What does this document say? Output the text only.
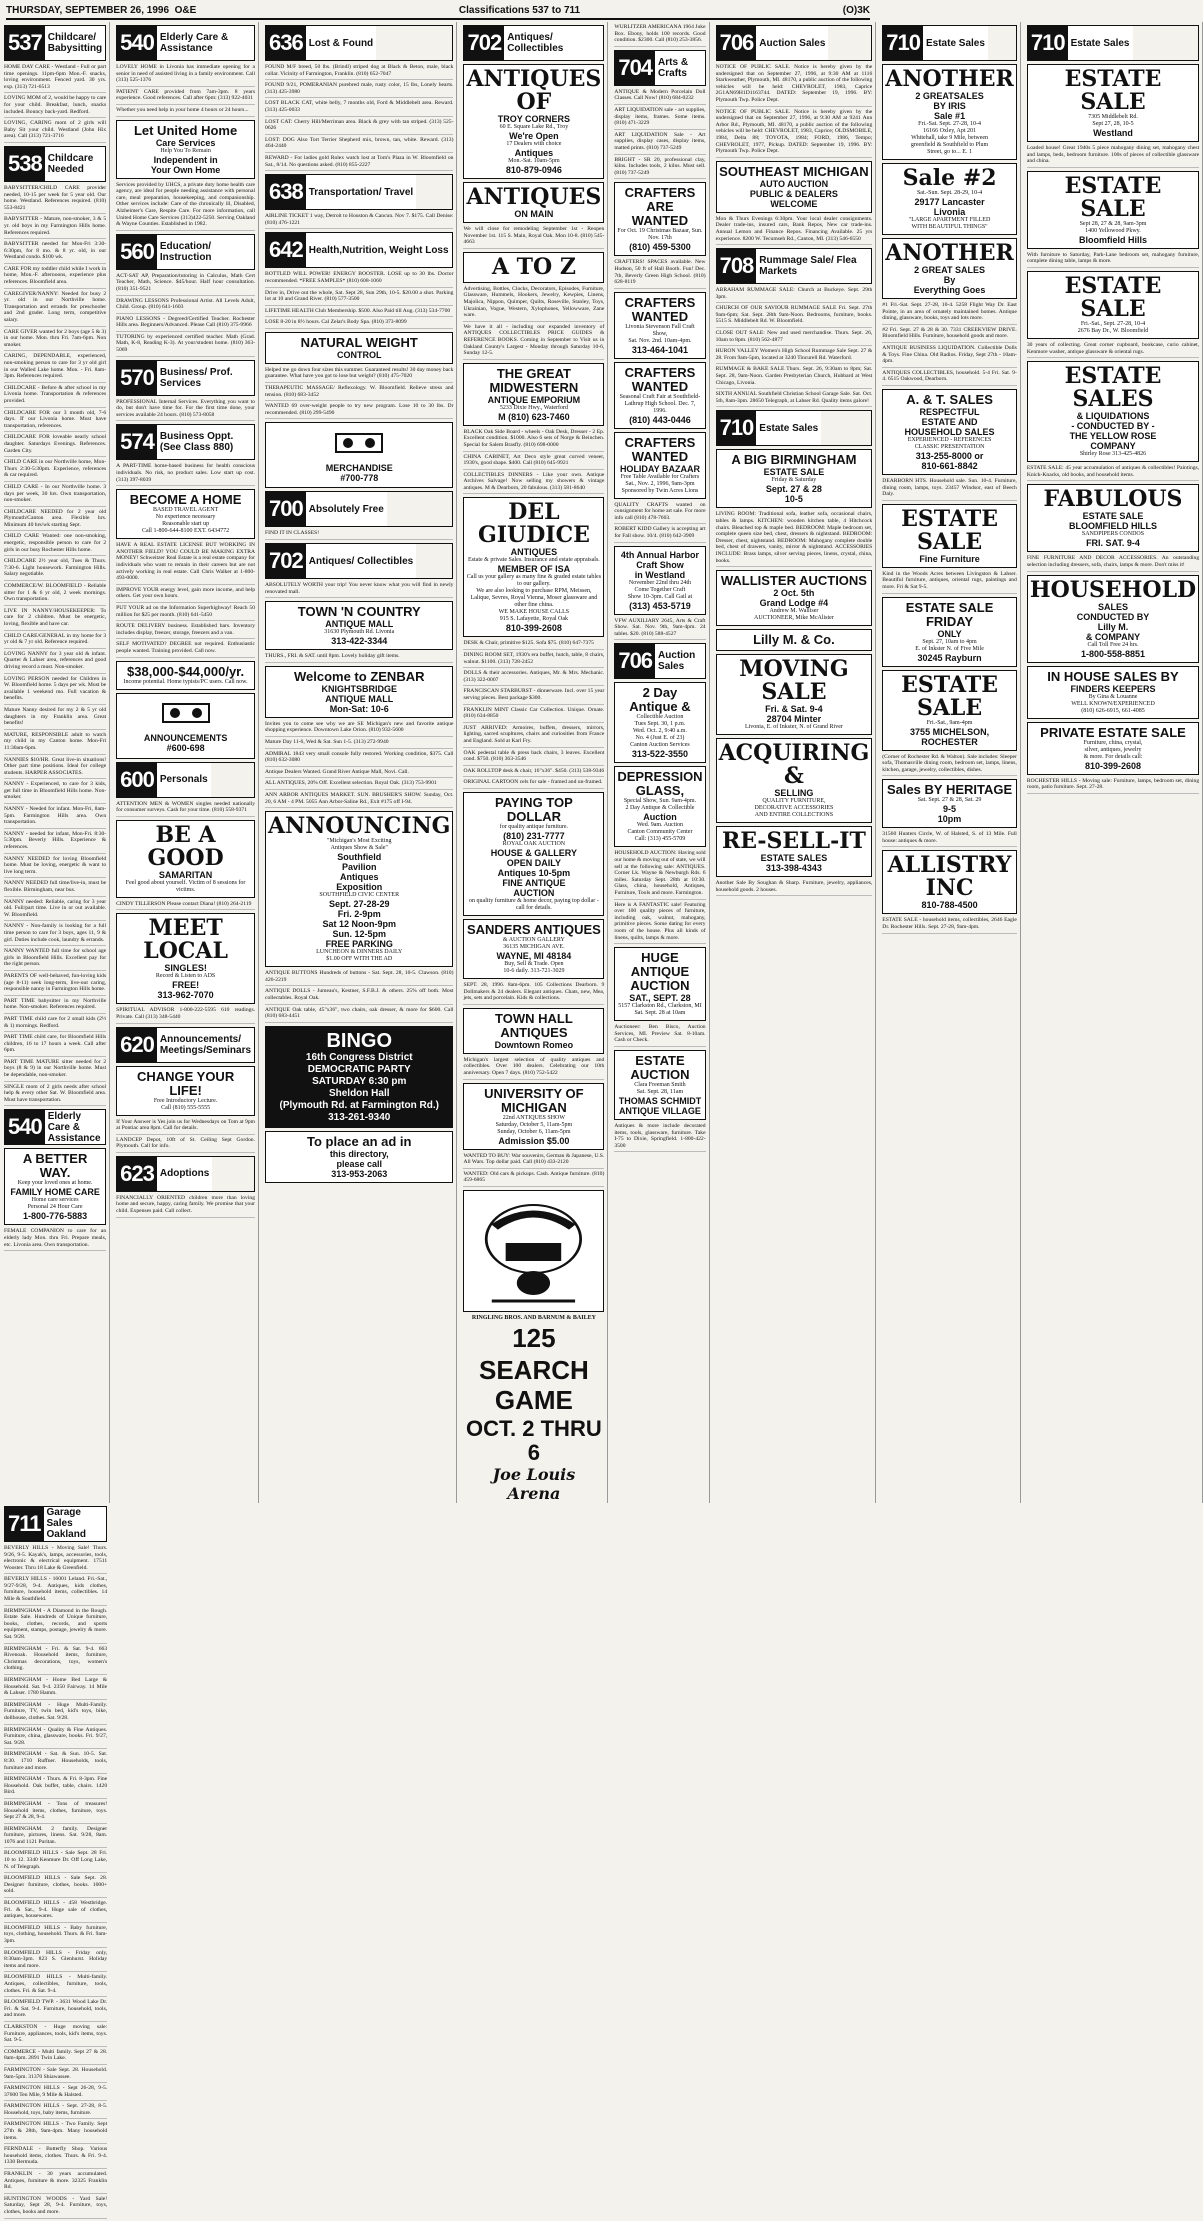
THURSDAY, SEPTEMBER 26, 1996 O&E	Classifications 537 to 711	(O)3K
537 Childcare/ Babysitting
HOME DAY CARE - Westland - Full or part time openings. 11pm-6pm Mon.-F. snacks, loving environment. Fenced yard. 30 yrs. exp. (313) 721-6513
LOVING MOM of 2, would be happy to care for your child. Breakfast, lunch, snacks included. Bouncy back-yard. Redford.
LOVING, CARING mom of 2 girls will Baby Sit your child. Westland (John Hix area). Call (313) 721-3716
538 Childcare Needed
BABYSITTER/CHILD CARE provider needed, 10-15 per week for 5 year old. Our home. Westland. References required. (810) 553-8421
BABYSITTER - Mature, non-smoker, 3 & 5 yr. old boys in my Farmington Hills home. References required.
BABYSITTER needed for Mon-Fri 3:30-6:30pm, for 8 mo. & 8 yr. old, in our Westland condo. $100 wk.
CARE FOR my toddler child while I work in home, Mon.-F. afternoons, experience plus references. Bloomfield area.
CAREGIVER/NANNY: Needed for busy 2 yr. old in our Northville home. Transportation and errands for preschooler and 2nd grader. Long term, competitive salary.
CARE GIVER wanted for 2 boys (age 5 & 3) in our home. Mon. thru Fri. 7am-6pm. Non smoker.
CARING, DEPENDABLE, experienced, non-smoking person to care for 3 yr old girl in our Walled Lake home. Mon. - Fri. 8am-3pm. References required.
CHILDCARE - Before & after school in my Livonia home. Transportation & references provided.
CHILDCARE FOR our 3 month old, 7-6 days. If our Livonia home. Must have transportation, references.
CHILDCARE FOR loveable nearly school daughter. Saturdays Evenings. References. Garden City.
CHILD CARE in our Northville home, Mon-Thurs 2:30-5:30pm. Experience, references & car required.
CHILD CARE - In our Northville home. 3 days per week, 30 hrs. Own transportation, non-smoker.
CHILDCARE NEEDED for 2 year old Plymouth/Canton area. Flexible hrs. Minimum 40 hrs/wk starting Sept.
CHILD CARE Wanted: one non-smoking, energetic, responsible person to care for 2 girls in our busy Rochester Hills home.
CHILDCARE 2½ year old, Tues & Thurs. 7:30-6. Light housework. Farmington Hills. Salary negotiable.
COMMERCE/W. BLOOMFIELD - Reliable sitter for 1 & 6 yr old, 2 week mornings. Own transportation.
LIVE IN NANNY/HOUSEKEEPER: To care for 2 children. Must be energetic, loving, flexible and have car.
CHILD CARE/GENERAL in my home for 3 yr old & 7 yr old. Reference required.
LOVING NANNY for 3 year old & infant. Quarter & Lahser area, references and good driving record a must. Non-smoker.
LOVING PERSON needed for Children in W. Bloomfield home. 5 days per wk. Must be available 1 weekend mo. Full vacation & benefits.
Mature Nanny desired for my 2 & 5 yr old daughters in my Franklin area. Great benefits!
MATURE, RESPONSIBLE adult to watch my child in my Canton home. Mon-Fri 11:30am-6pm.
NANNIES $10/HR. Great live-in situations! Other part time positions. Ideal for college students. HARPER ASSOCIATES.
NANNY - Experienced, to care for 3 kids, get full time in Bloomfield Hills home. Non-smoker.
NANNY - Needed for infant. Mon-Fri, 8am-5pm. Farmington Hills area. Own transportation.
NANNY - needed for infant, Mon-Fri. 8:30-5:30pm. Beverly Hills. Experience & references.
NANNY NEEDED for loving Bloomfield home. Must be loving, energetic & want to live long term.
NANNY NEEDED full time/live-in, must be flexible. Birmingham, near bus.
NANNY needed: Reliable, caring for 3 year old. Full/part time. Live in or out available. W. Bloomfield.
NANNY - Non-family is looking for a full time person to care for 3 boys, ages 11, 9 & girl. Duties include cook, laundry & errands.
NANNY WANTED full time for school age girls in Bloomfield Hills. Excellent pay for the right person.
PARENTS OF well-behaved, fun-loving kids (age 8-11) seek long-term, live-out caring, responsible nanny in Farmington Hills home.
PART TIME babysitter in my Northville home. Non-smoker. References required.
PART TIME child care for 2 small kids (2½ & 1) mornings. Redford.
PART TIME child care, for Bloomfield Hills children, 16 to 17 hours a week. Call after 6pm.
PART TIME MATURE sitter needed for 2 boys (8 & 9) in our Northville home. Must be dependable, non-smoker.
SINGLE mom of 2 girls needs after school help & every other Sat. W. Bloomfield area. Must have transportation.
540 Elderly Care & Assistance
A BETTER WAY.
Keep your loved ones at home.
FAMILY HOME CARE
Home care services
Personal 24 Hour Care
1-800-776-5883
FEMALE COMPANION to care for an elderly lady Mon. thru Fri. Prepare meals, etc. Livonia area. Own transportation.
540 Elderly Care & Assistance
LOVELY HOME in Livonia has immediate opening for a senior in need of assisted living in a family environment. Call (313) 525-1376
PATIENT CARE provided from 7am-3pm. 8 years experience. Good references. Call after 6pm: (313) 922-4031
Whether you need help in your home 4 hours or 24 hours...
Let United Home
Care Services
Help You To Remain
Independent in
Your Own Home
Services provided by UHCS, a private duty home health care agency, are ideal for people needing assistance with personal care, meal preparation, housekeeping, and companionship. Other services include: Care of the chronically ill, Disabled, Alzheimer's Care, Respite Care. For more information, call United Home Care Services (313)422-5250. Serving Oakland & Wayne Counties. Established in 1982.
560 Education/ Instruction
ACT-SAT AP, Preparation/tutoring in Calculus, Math Cert Teacher, Math, Science. $45/hour. Half hour consultation. (810) 351-9521
DRAWING LESSONS Professional Artist. All Levels Adult, Child. Group. (810) 641-1603
PIANO LESSONS - Degreed/Certified Teacher. Rochester Hills area. Beginners/Advanced. Please Call (810) 375-9966
TUTORING by experienced certified teacher. Math (Grad. Math, K-8, Reading K-3). At your/student home. (810) 363-5069
570 Business/ Prof. Services
PROFESSIONAL Internal Services. Everything you want to do, but don't have time for. For the first time done, your services available 24 hours. (810) 573-8058
574 Business Oppt. (See Class 880)
A PART-TIME home-based business for health conscious individuals. No risk, no product sales. Low start up cost. (313) 397-8039
BECOME A HOME
BASED TRAVEL AGENT
No experience necessary
Reasonable start up
Call 1-800-644-8100 EXT. 6434772
HAVE A REAL ESTATE LICENSE BUT WORKING IN ANOTHER FIELD? YOU COULD BE MAKING EXTRA MONEY! Schweitzer Real Estate is a real estate company for individuals who want to remain in their careers but are not actively working in real estate. Call Chris Walker at 1-800-493-0000.
IMPROVE YOUR energy level, gain more income, and help others. Get your own hours.
PUT YOUR ad on the Information Superhighway! Reach 50 million for $25 per month. (810) 641-5450
ROUTE DELIVERY business. Established bars. Inventory includes display, freezer, storage, freezers and a van.
SELF MOTIVATED? DEGREE not required. Enthusiastic people wanted. Training provided. Call now.
$38,000-$44,000/yr.
Income potential. Home typists/PC users. Call now.
ANNOUNCEMENTS
#600-698
600 Personals
ATTENTION MEN & WOMEN singles needed nationally for consumer surveys. Cash for your time. (810) 558-9371
BE A GOOD
SAMARITAN
Feel good about yourself. Victim of 8 sessions for victims.
CINDY TILLERSON Please contact Diana! (810) 264-2119
MEET LOCAL
SINGLES!
Record & Listen to ADS
FREE!
313-962-7070
SPIRITUAL ADVISOR 1-800-222-5595 610 readings. Private. Call (313) 348-5440
620 Announcements/ Meetings/Seminars
CHANGE YOUR LIFE!
Free Introductory Lecture.
Call (810) 555-5555
If Your Answer is Yes join us for Wednesdays on Tom at 9pm at Pontiac area 8pm. Call for details.
LANDCEP Depot, 10ft of St. Ceiling Sept Gordon. Plymouth. Call for info.
623 Adoptions
FINANCIALLY ORIENTED children more than loving home and secure, happy, caring family. We promise that your child. Expenses paid. Call collect.
636 Lost & Found
FOUND M/F breed, 50 lbs. (Brindl) striped dog at Black & Beton, male, black collar. Vicinity of Farmington, Franklin. (810) 652-7047
FOUND 9/21, POMERANIAN purebred male, rusty color, 15 lbs, Lonely hearts. (313) 425-3980
LOST BLACK CAT, white belly, 7 months old, Ford & Middlebelt area. Reward. (313) 425-0033
LOST CAT: Cherry Hill/Merriman area. Black & grey with tan striped. (313) 525-0626
LOST: DOG Also Tort Terrier Shepherd mix, brown, tan, white. Reward. (313) 464-2440
REWARD - For ladies gold Rolex watch lost at Tom's Plaza in W. Bloomfield on Sat., 8/14. No questions asked. (810) 855-2227
638 Transportation/ Travel
AIRLINE TICKET 1 way, Detroit to Houston & Cancun. Nov 7. $175. Call Denise: (810) 476-1221
642 Health,Nutrition, Weight Loss
BOTTLED WILL POWER! ENERGY BOOSTER. LOSE up to 30 lbs. Doctor recommended. *FREE SAMPLES* (810) 608-1060
Drive in, Drive out the whole, Sat. Sept 28, Sun 29th, 10-5. $20.00 a shot. Parking lot at 10 and Grand River. (810) 577-3500
LIFETIME HEALTH Club Membership. $500. Also Paid till Aug. (313) 534-7700
LOSE 8-20 in 8½ hours. Cal Zelar's Body Spa. (810) 373-8099
NATURAL WEIGHT
CONTROL
Helped me go down four sizes this summer. Guaranteed results! 30 day money back guarantee. What have you got to lose but weight? (810) 475-7020
THERAPEUTIC MASSAGE/ Reflexology. W. Bloomfield. Relieve stress and tension. (810) 683-3452
WANTED 69 over-weight people to try new program. Lose 10 to 30 lbs. Dr recommended. (810) 299-5490
MERCHANDISE
#700-778
700 Absolutely Free
FIND IT IN CLASSES!
702 Antiques/ Collectibles
ABSOLUTELY WORTH your trip! You never know what you will find in newly renovated mall.
TOWN 'N COUNTRY
ANTIQUE MALL
31630 Plymouth Rd. Livonia
313-422-3344
THURS., FRI. & SAT. until 8pm. Lovely holiday gift items.
Welcome to ZENBAR
KNIGHTSBRIDGE
ANTIQUE MALL
Mon-Sat: 10-6
Invites you to come see why we are SE Michigan's new and favorite antique shopping experience. Downtown Lake Orion. (810) 932-5600
Mature Day 11-6, Wed & Sat. Sun 1-5. (313) 272-9940
ADMIRAL 1843 very small console fully restored. Working condition, $375. Call (810) 632-3080
Antique Dealers Wanted. Grand River Antique Mall, Novi. Call.
ALL ANTIQUES, 20% Off. Excellent selection. Royal Oak. (313) 753-9901
ANN ARBOR ANTIQUES MARKET. SUN. BRUSHER'S SHOW. Sunday, Oct. 20, 6 AM - 4 PM. 5055 Ann Arbor-Saline Rd., Exit #175 off I-94.
ANNOUNCING
"Michigan's Most Exciting
Antiques Show & Sale"
Southfield
Pavilion
Antiques
Exposition
SOUTHFIELD CIVIC CENTER
Sept. 27-28-29
Fri. 2-9pm
Sat 12 Noon-9pm
Sun. 12-5pm
FREE PARKING
LUNCHEON & DINNERS DAILY
$1.00 OFF WITH THE AD
ANTIQUE BUTTONS Hundreds of buttons - Sat. Sept. 28, 10-5. Clawson. (810) 426-2219
ANTIQUE DOLLS - Jumeau's, Kestner, S.F.B.J. & others. 25% off both. Most collectables. Royal Oak.
ANTIQUE Oak table, 45"x36", two chairs, oak dresser, & more for $600. Call (810) 683-4451
BINGO
16th Congress District
DEMOCRATIC PARTY
SATURDAY 6:30 pm
Sheldon Hall
(Plymouth Rd. at Farmington Rd.)
313-261-9340
To place an ad in
this directory,
please call
313-953-2063
702 Antiques/ Collectibles
ANTIQUES OF
TROY CORNERS
60 E. Square Lake Rd., Troy
We're Open
17 Dealers with choice
Antiques
Mon.-Sat. 10am-5pm
810-879-0946
ANTIQUES
ON MAIN
We will close for remodeling September 1st - Reopen November 1st. 115 S. Main, Royal Oak. Mon 10-8. (810) 545-4663
A TO Z
Advertising, Bottles, Clocks, Decorators, Episodes, Furniture, Glassware, Hummels, Hookers, Jewelry, Kewpies, Linens, Majolica, Nippon, Quimper, Quilts, Roseville, Stanley, Toys, Ukrainian, Vogue, Western, Xylophones, Yellowware, Zane ware.
We have it all - including our expanded inventory of ANTIQUES COLLECTIBLES PRICE GUIDES & REFERENCE BOOKS. Coming in September to Visit us in Oakland County's Largest - Monday through Saturday 10-6, Sunday 12-5.
THE GREAT MIDWESTERN
ANTIQUE EMPORIUM
5233 Dixie Hwy., Waterford
M (810) 623-7460
BLACK Oak Side Board - wheels - Oak Desk, Dresser - 2 Ep. Excellent condition. $1000. Also 6 sets of Norge & Beinchen. Special for Salem Brasfly. (810) 698-0000
CHINA CABINET, Art Deco style great curved veneer, 1930's, good shape. $400. Call (810) 645-9921
COLLECTIBLES DINNERS - Like your own. Antique Archives Salvage! Now selling my showers & vintage antiques. M & Dearborn, 20 fabulous. (313) 581-8640
DEL GIUDICE
ANTIQUES
Estate & private Sales. Insurance and estate appraisals.
MEMBER OF ISA
Call us your gallery as many fine & graded estate tables to our gallery.
We are also looking to purchase RPM, Meissen, Lalique, Sevres, Royal Vienna, Moser glassware and other fine china.
WE MAKE HOUSE CALLS
915 S. Lafayette, Royal Oak
810-399-2608
DESK & Chair, primitive $125. Sofa $75. (810) 647-7375
DINING ROOM SET, 1930's era buffet, hutch, table, 8 chairs, walnut. $1100. (313) 728-2452
DOLLS & their accessories. Antiques, Mr. & Mrs. Mechanic. (313) 322-0007
FRANCISCAN STARBURST - dinnerware. Incl. over 15 year serving pieces. Best package $300.
FRANKLIN MINT Classic Car Collection. Unique. Ornate. (810) 634-8850
JUST ARRIVED: Armoires, buffets, dressers, mirrors, lighting, sacred scupltures, chairs and curiosities from France and England. Sold at Karl Fry.
OAK pedestal table & press back chairs, 3 leaves. Excellent cond. $750. (810) 363-3546
OAK ROLLTOP desk & chair, 16"x36". $450. (313) 538-9346
ORIGINAL CARTOON cels for sale - framed and un-framed.
PAYING TOP DOLLAR
for quality antique furniture.
(810) 231-7777
ROYAL OAK AUCTION
HOUSE & GALLERY
OPEN DAILY
Antiques 10-5pm
FINE ANTIQUE
AUCTION
on quality furniture & home decor, paying top dollar - call for details.
SANDERS ANTIQUES
& AUCTION GALLERY
36135 MICHIGAN AVE.
WAYNE, MI 48184
Buy, Sell & Trade. Open
10-6 daily. 313-721-3029
SEPT. 28, 1996. 8am-6pm. 105 Collections Dearborn. 9 Dollmakers & 24 dealers. Elegant antiques. Chats, new, Mea, jets, sets and porcelain. Kids & collections.
TOWN HALL ANTIQUES
Downtown Romeo
Michigan's largest selection of quality antiques and collectibles. Over 100 dealers. Celebrating our 10th anniversary. Open 7 days. (810) 752-5422
UNIVERSITY OF MICHIGAN
22nd ANTIQUES SHOW
Saturday, October 5, 11am-5pm
Sunday, October 6, 11am-5pm
Admission $5.00
WANTED TO BUY: War souvenirs, German & Japanese, U.S. All Wars. Top dollar paid. Call (810) 433-2120
WANTED: Old cars & pickups. Cash. Antique furniture. (810) 459-6865
RINGLING BROS. AND BARNUM & BAILEY
125
SEARCH GAME
OCT. 2 THRU 6
Joe Louis Arena
WURLITZER AMERICANA 1964 Juke Box. Ebony, holds 100 records. Good condition. $2300. Call (810) 253-3856.
704 Arts & Crafts
ANTIQUE & Modern Porcelain Doll Classes. Call Now! (810) 684-0232
ART LIQUIDATION sale - art supplies, display items, frames. Some items. (810) 471-3229
ART LIQUIDATION Sale - Art supplies, display cases, display items, matted prints. (810) 737-5249
BRIGHT - SR 20, professional clay, kilns. Includes tools, 2 kilns. Must sell. (810) 737-5249
CRAFTERS ARE WANTED
For Oct. 19 Christmas Bazaar, Sun. Nov. 17th
(810) 459-5300
CRAFTERS! SPACES available. New Hudson, 50 ft of Hall Booth. Fun! Dec. 7th, Beverly Green High School. (810) 628-8119
CRAFTERS WANTED
Livonia Stevenson Fall Craft Show,
Sat. Nov. 2nd. 10am-4pm.
313-464-1041
CRAFTERS WANTED
Seasonal Craft Fair at Southfield-
Lathrup High School. Dec. 7, 1996.
(810) 443-0446
CRAFTERS WANTED
HOLIDAY BAZAAR
Free Table Available for Crafters
Sat., Nov. 2, 1996, 9am-3pm
Sponsored by Twin Acres Lions
QUALITY CRAFTS wanted on consignment for home art sale. For more info call (810) 478-7603.
ROBERT KIDD Gallery is accepting art for Fall show. 10/4. (810) 642-3909
4th Annual Harbor Craft Show
in Westland
November 22nd thru 24th
Come Together Craft
Show 10-3pm. Call Gail at
(313) 453-5719
VFW AUXILIARY 2645, Arts & Craft Show. Sat. Nov. 9th, 9am-4pm. 24 tables. $20. (810) 588-4527
706 Auction Sales
2 Day Antique &
Collectible Auction
Tues Sept. 30, 1 p.m.
Wed. Oct. 2, 9:40 a.m.
No. 4 (Just E. of 23)
Canton Auction Services
313-522-3550
DEPRESSION GLASS,
Special Show, Sun. 9am-4pm.
2 Day Antique & Collectible
Auction
Wed. 9am. Auction
Canton Community Center
Call: (313) 455-5709
HOUSEHOLD AUCTION: Having sold our home & moving out of state, we will sell at the following sale: ANTIQUES. Corner Lk. Wayne & Newburgh Rds. 6 miles. Saturday Sept. 28th at 10:30. Glass, china, household, Antiques, Furniture, Tools and more. Farmington.
Here is A FANTASTIC sale! Featuring over 100 quality pieces of furniture, including oak, walnut, mahogany, primitive pieces. Some dating for every room of the house. Plus all kinds of linens, quilts, lamps & more.
HUGE ANTIQUE AUCTION
SAT., SEPT. 28
5157 Clarkston Rd., Clarkston, MI
Sat. Sept. 28 at 10am
Auctioneer: Ben Bisco, Auction Services, MI. Preview Sat. 8-10am. Cash or Check.
ESTATE AUCTION
Clara Freeman Smith
Sat. Sept. 28, 11am
THOMAS SCHMIDT
ANTIQUE VILLAGE
Antiques & more include decorated items, tools, glassware, furniture. Take I-75 to Dixie, Springfield. 1-800-422-3500
706 Auction Sales
NOTICE OF PUBLIC SALE. Notice is hereby given by the undersigned that on September 27, 1996, at 9:30 AM at 1116 Starkweather, Plymouth, MI. 48170, a public auction of the following vehicles will be held: CHEVROLET, 1983, Caprice 2G1AN69H1D1163744. DATED: September 19, 1996. BY: Plymouth Twp. Police Dept.
NOTICE OF PUBLIC SALE. Notice is hereby given by the undersigned that on September 27, 1996, at 9:30 AM at 9241 Ann Arbor Rd., Plymouth, MI. 48170, a public auction of the following vehicles will be held: CHEVROLET, 1983, Caprice; OLDSMOBILE, 1984, Delta 88; TOYOTA, 1984; FORD, 1986, Tempo; CHEVROLET, 1977, Pickup. DATED: September 19, 1996. BY: Plymouth Twp. Police Dept.
SOUTHEAST MICHIGAN
AUTO AUCTION
PUBLIC & DEALERS
WELCOME
Mon & Thurs Evenings 6:30pm. Your local dealer consignments. Dealer trade-ins, insured cars, Bank Repos, New car trade-ins. Annual Lemon and Finance Repos. Financing Available. 25 yrs experience. 8200 W. Tecumseh Rd., Canton, MI. (313) 546-6550
708 Rummage Sale/ Flea Markets
ABRAHAM RUMMAGE SALE: Church at Buckeye. Sept. 29th 3pm.
CHURCH OF OUR SAVIOUR RUMMAGE SALE Fri. Sept. 27th 9am-6pm; Sat. Sept. 28th 9am-Noon. Bedrooms, furniture, books. 5515 S. Middlebelt Rd. W. Bloomfield.
CLOSE OUT SALE: New and used merchandise. Thurs. Sept. 26, 10am to 8pm. (810) 562-4877
HURON VALLEY Women's High School Rummage Sale Sept. 27 & 28. From 9am-5pm, located at 3240 Tincurell Rd. Waterford.
RUMMAGE & BAKE SALE Thurs. Sept. 26, 9:30am to 8pm; Sat. Sept. 28, 9am-Noon. Garden Presbyterian Church, Hubbard at West Chicago, Livonia.
SIXTH ANNUAL Southfield Christian School Garage Sale. Sat. Oct. 5th, 8am-3pm. 28650 Telegraph, at Lahser Rd. Quality items galore!
710 Estate Sales
A BIG BIRMINGHAM
ESTATE SALE
Friday & Saturday
Sept. 27 & 28
10-5
LIVING ROOM: Traditional sofa, leather sofa, occasional chairs, tables & lamps. KITCHEN: wooden kitchen table, 4 Hitchcock chairs. Bleached top & maple bed. BEDROOM: Maple bedroom set, complete queen size bed, chest, dressers & nightstand. BEDROOM: Dresser, chest, nightstand. BEDROOM: Mahogany complete double bed, chest of drawers, vanity, mirror & nightstand. ACCESSORIES INCLUDE: Brass lamps, silver serving pieces, linens, crystal, china, books.
WALLISTER AUCTIONS
2 Oct. 5th
Grand Lodge #4
Andrew M. Walliser
AUCTIONEER, Mike McAlister
Lilly M. & Co.
MOVING SALE
Fri. & Sat. 9-4
28704 Minter
Livonia, E. of Inkster, N. of Grand River
ACQUIRING &
SELLING
QUALITY FURNITURE,
DECORATIVE ACCESSORIES
AND ENTIRE COLLECTIONS
RE-SELL-IT
ESTATE SALES
313-398-4343
Another Sale By Soughan & Sharp. Furniture, jewelry, appliances, household goods. 2 houses.
710 Estate Sales
ANOTHER
2 GREATSALES
BY IRIS
Sale #1
Fri.-Sat. Sept. 27-28, 10-4
16166 Oxley, Apt 201
Whitehall, take 9 Mile, between
greenfield & Southfield to Plum
Street, go to... E. 1
Sale #2
Sat.-Sun. Sept. 28-29, 10-4
29177 Lancaster
Livonia
"LARGE APARTMENT FILLED
WITH BEAUTIFUL THINGS"
ANOTHER
2 GREAT SALES
By
Everything Goes
#1 Fri.-Sat. Sept. 27-28, 10-4. 5258 Flight Way Dr. East Pointe, in an area of ornately maintained homes. Antique dining, glassware, books, toys and lots more.
#2 Fri. Sept. 27 & 28 & 30. 7331 CREEKVIEW DRIVE. Bloomfield Hills. Furniture, household goods and more.
ANTIQUE BUSINESS LIQUIDATION. Collectible Dolls & Toys. Fine China. Old Radios. Friday, Sept 27th - 10am-4pm.
ANTIQUES COLLECTIBLES, household. 5-4 Fri. Sat. 9-4. 6515 Oakwood, Dearborn.
A. & T. SALES
RESPECTFUL
ESTATE AND
HOUSEHOLD SALES
EXPERIENCED - REFERENCES
CLASSIC PRESENTATION
313-255-8000 or
810-661-8842
DEARBORN HTS. Household sale. Sun. 10-4. Furniture, dining room, lamps, toys. 23457 Windsor, east of Beech Daly.
ESTATE SALE
Fine Furniture
Kind in the Woods Acres between Livingston & Lahser. Beautiful furniture, antiques, oriental rugs, paintings and more. Fri & Sat 9-5.
ESTATE SALE FRIDAY
ONLY
Sept. 27, 10am to 4pm
E. of Inkster N. of Five Mile
30245 Rayburn
ESTATE SALE
Fri.-Sat., 9am-4pm
3755 MICHELSON,
ROCHESTER
(Corner of Rochester Rd. & Walton). Sale includes: Sleeper sofa, Thomasville dining room, bedroom set, lamps, linens, kitchen, garage, jewelry, collectibles, dishes.
Sales BY HERITAGE
Sat. Sept. 27 & 28, Sat. 29
9-5
10pm
31560 Hunters Circle, W. of Halsted, S. of 13 Mile. Full house: antiques & more.
ALLISTRY INC
810-788-4500
ESTATE SALE - household items, collectibles, 2646 Eagle Dr. Rochester Hills. Sept. 27-28, 9am-4pm.
710 Estate Sales
ESTATE SALE
7305 Middlebelt Rd.
Sept 27, 28, 10-5
Westland
Loaded house! Great 1940s 5 piece mahogany dining set, mahogany chest and lamps, beds, bedroom furniture. 100s of pieces of collectible glassware and china.
ESTATE SALE
Sept 28, 27 & 28, 9am-3pm
1400 Yellowood Pkwy.
Bloomfield Hills
With furniture to Saturday, Park-Lane bedroom set, mahogany furniture, complete dining table, lamps & more.
ESTATE SALE
Fri.-Sat., Sept. 27-28, 10-4
2676 Bay Dr., W. Bloomfield
30 years of collecting. Great corner cupboard, bookcase, curio cabinet, Kenmore washer, antique glassware & oriental rugs.
ESTATE SALES
& LIQUIDATIONS
- CONDUCTED BY -
THE YELLOW ROSE
COMPANY
Shirley Rose 313-425-4826
ESTATE SALE: 45 year accumulation of antiques & collectibles! Paintings, Knick-Knacks, old books, and household items.
FABULOUS
ESTATE SALE
BLOOMFIELD HILLS
SANDPIPERS CONDOS
FRI. SAT. 9-4
FINE FURNITURE AND DECOR ACCESSORIES. An outstanding selection including dressers, sofa, chairs, lamps & more. Don't miss it!
HOUSEHOLD
SALES
CONDUCTED BY
Lilly M.
& COMPANY
Call Toll Free 24 hrs.
1-800-558-8851
IN HOUSE SALES BY
FINDERS KEEPERS
By Gina & Louanne
WELL KNOWN/EXPERIENCED
(810) 626-6915, 661-4085
PRIVATE ESTATE SALE
Furniture, china, crystal,
silver, antiques, jewelry
& more. For details call:
810-399-2608
ROCHESTER HILLS - Moving sale: Furniture, lamps, bedroom set, dining room, patio furniture. Sept. 27-28.
711 Garage Sales Oakland
BEVERLY HILLS - Moving Sale! Thurs. 9/26, 9-5. Kayak's, lamps, accessories, tools, electronic & electrical equipment. 17511 Wooster. Thru 18 Lake & Greenfield.
BEVERLY HILLS - 16001 Leland. Fri.-Sat., 9/27-9/28, 9-4. Antiques, kids clothes, furniture, household items, collectibles. 14 Mile & Southfield.
BIRMINGHAM - A Diamond in the Rough. Estate Sale. Hundreds of Unique furniture, books, clothes, records, and sports equipment, stamps, postage, jewelry & more. Sat. 9/28.
BIRMINGHAM - Fri. & Sat. 9-4. 663 Rivenoak. Household items, furniture, Christmas decorations, toys, women's clothing.
BIRMINGHAM - Home Bed Large & Household. Sat. 9-4. 2350 Fairway. 14 Mile & Lahser. 1780 Hamm.
BIRMINGHAM - Huge Multi-Family. Furniture, TV, twin bed, kid's toys, bike, dollhouse, clothes. Sat. 9/28.
BIRMINGHAM - Quality & Fine Antiques. Furniture, china, glassware, books. Fri. 9/27, Sat. 9/28.
BIRMINGHAM - Sat. & Sun. 10-5. Sat. 8:30. 1710 Ruffner. Households, tools, furniture and more.
BIRMINGHAM - Thurs. & Fri. 8-3pm. Fine Household. Oak buffet, table, chairs. 1420 Bird.
BIRMINGHAM - Tons of treasures! Household items, clothes, furniture, toys. Sept 27 & 28, 9-4.
BIRMINGHAM. 2 family. Designer furniture, pictures, linens. Sat. 9/28, 8am. 1076 and 1121 Puritan.
BLOOMFIELD HILLS - Sale Sept. 28 Fri. 10 to 12. 3340 Kenmure Dr. Off Long Lake, N. of Telegraph.
BLOOMFIELD HILLS - Sale Sept. 28. Designer furniture, clothes, books. 1000+ sold.
BLOOMFIELD HILLS - 458 Westbridge. Fri. & Sat., 9-4. Huge sale of clothes, antiques, housewares.
BLOOMFIELD HILLS - Baby furniture, toys, clothing, household. Thurs. & Fri. 9am-3pm.
BLOOMFIELD HILLS - Friday only, 8:30am-3pm. 823 S. Glenhurst. Holiday items and more.
BLOOMFIELD HILLS - Multi-family. Antiques, collectibles, furniture, tools, clothes. Fri. & Sat. 9-4.
BLOOMFIELD TWP. - 3631 Wood Lake Dr. Fri. & Sat. 9-4. Furniture, household, tools, and more.
CLARKSTON - Huge moving sale: Furniture, appliances, tools, kid's items, toys. Sat. 9-5.
COMMERCE - Multi family. Sept 27 & 28. 8am-4pm. 2891 Twin Lake.
FARMINGTON - Sale Sept. 28. Household. 9am-5pm. 31370 Shiawassee.
FARMINGTON HILLS - Sept 26-28, 9-5. 37600 Ten Mile, 9 Mile & Halsted.
FARMINGTON HILLS - Sept. 27-28, 8-5. Household, toys, baby items, furniture.
FARMINGTON HILLS - Two Family. Sept 27th & 28th, 9am-4pm. Many household items.
FERNDALE - Butterfly Shop. Various household items, clothes. Thurs. & Fri. 9-4. 1330 Bermuda.
FRANKLIN - 30 years accumulated. Antiques, furniture & more. 32325 Franklin Rd.
HUNTINGTON WOODS - Yard Sale! Saturday, Sept 28, 9-4. Furniture, toys, clothes, books and more.
